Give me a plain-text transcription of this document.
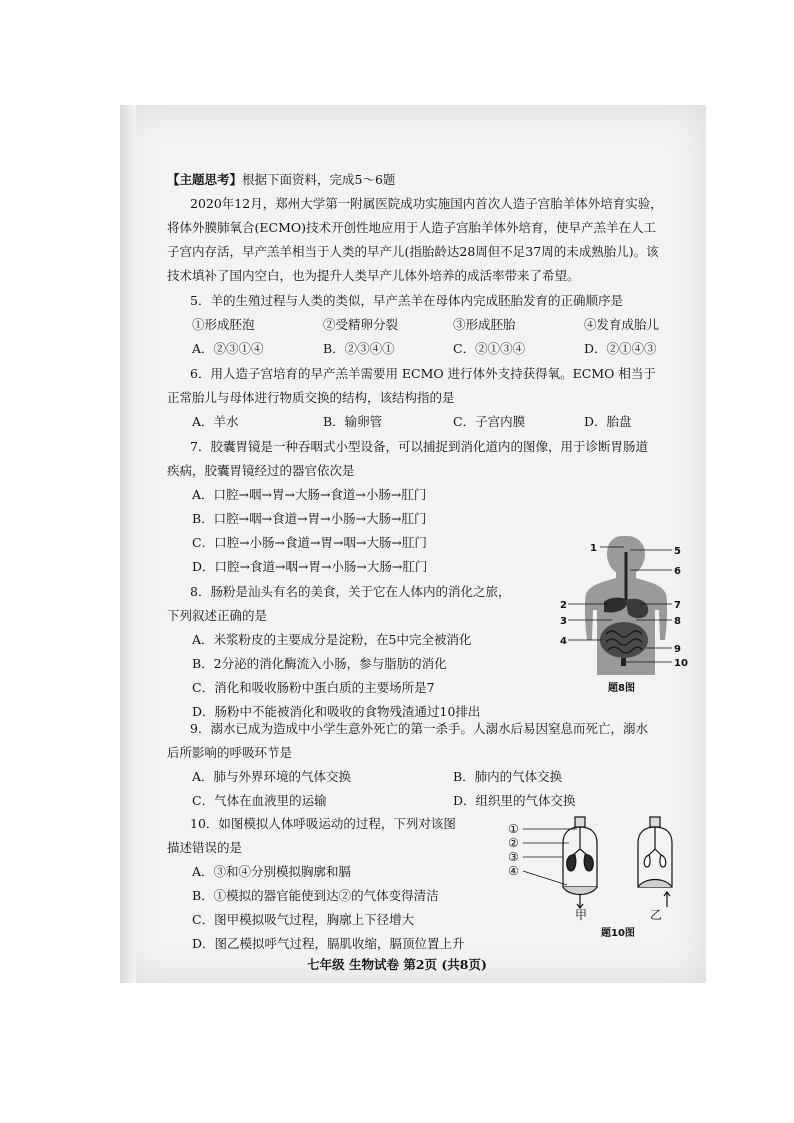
【主题思考】根据下面资料，完成5～6题
2020年12月，郑州大学第一附属医院成功实施国内首次人造子宫胎羊体外培育实验，
将体外膜肺氧合(ECMO)技术开创性地应用于人造子宫胎羊体外培育，使早产羔羊在人工
子宫内存活，早产羔羊相当于人类的早产儿(指胎龄达28周但不足37周的未成熟胎儿)。该
技术填补了国内空白，也为提升人类早产儿体外培养的成活率带来了希望。
5．羊的生殖过程与人类的类似，早产羔羊在母体内完成胚胎发育的正确顺序是
①形成胚泡	②受精卵分裂	③形成胚胎	④发育成胎儿
A．②③①④	B．②③④①	C．②①③④	D．②①④③
6．用人造子宫培育的早产羔羊需要用 ECMO 进行体外支持获得氧。ECMO 相当于
正常胎儿与母体进行物质交换的结构，该结构指的是
A．羊水	B．输卵管	C．子宫内膜	D．胎盘
7．胶囊胃镜是一种吞咽式小型设备，可以捕捉到消化道内的图像，用于诊断胃肠道
疾病，胶囊胃镜经过的器官依次是
A．口腔→咽→胃→大肠→食道→小肠→肛门
B．口腔→咽→食道→胃→小肠→大肠→肛门
C．口腔→小肠→食道→胃→咽→大肠→肛门
D．口腔→食道→咽→胃→小肠→大肠→肛门
8．肠粉是汕头有名的美食，关于它在人体内的消化之旅，
下列叙述正确的是
A．米浆粉皮的主要成分是淀粉，在5中完全被消化
B．2分泌的消化酶流入小肠，参与脂肪的消化
C．消化和吸收肠粉中蛋白质的主要场所是7
D．肠粉中不能被消化和吸收的食物残渣通过10排出
1
2
3
4
5
6
7
8
9
10
题8图
9．溺水已成为造成中小学生意外死亡的第一杀手。人溺水后易因窒息而死亡，溺水
后所影响的呼吸环节是
A．肺与外界环境的气体交换	B．肺内的气体交换
C．气体在血液里的运输	D．组织里的气体交换
10．如图模拟人体呼吸运动的过程，下列对该图
描述错误的是
A．③和④分别模拟胸廓和膈
B．①模拟的器官能使到达②的气体变得清洁
C．图甲模拟吸气过程，胸廓上下径增大
D．图乙模拟呼气过程，膈肌收缩，膈顶位置上升
①
②
③
④
甲	乙
题10图
七年级 生物试卷 第2页 (共8页)
